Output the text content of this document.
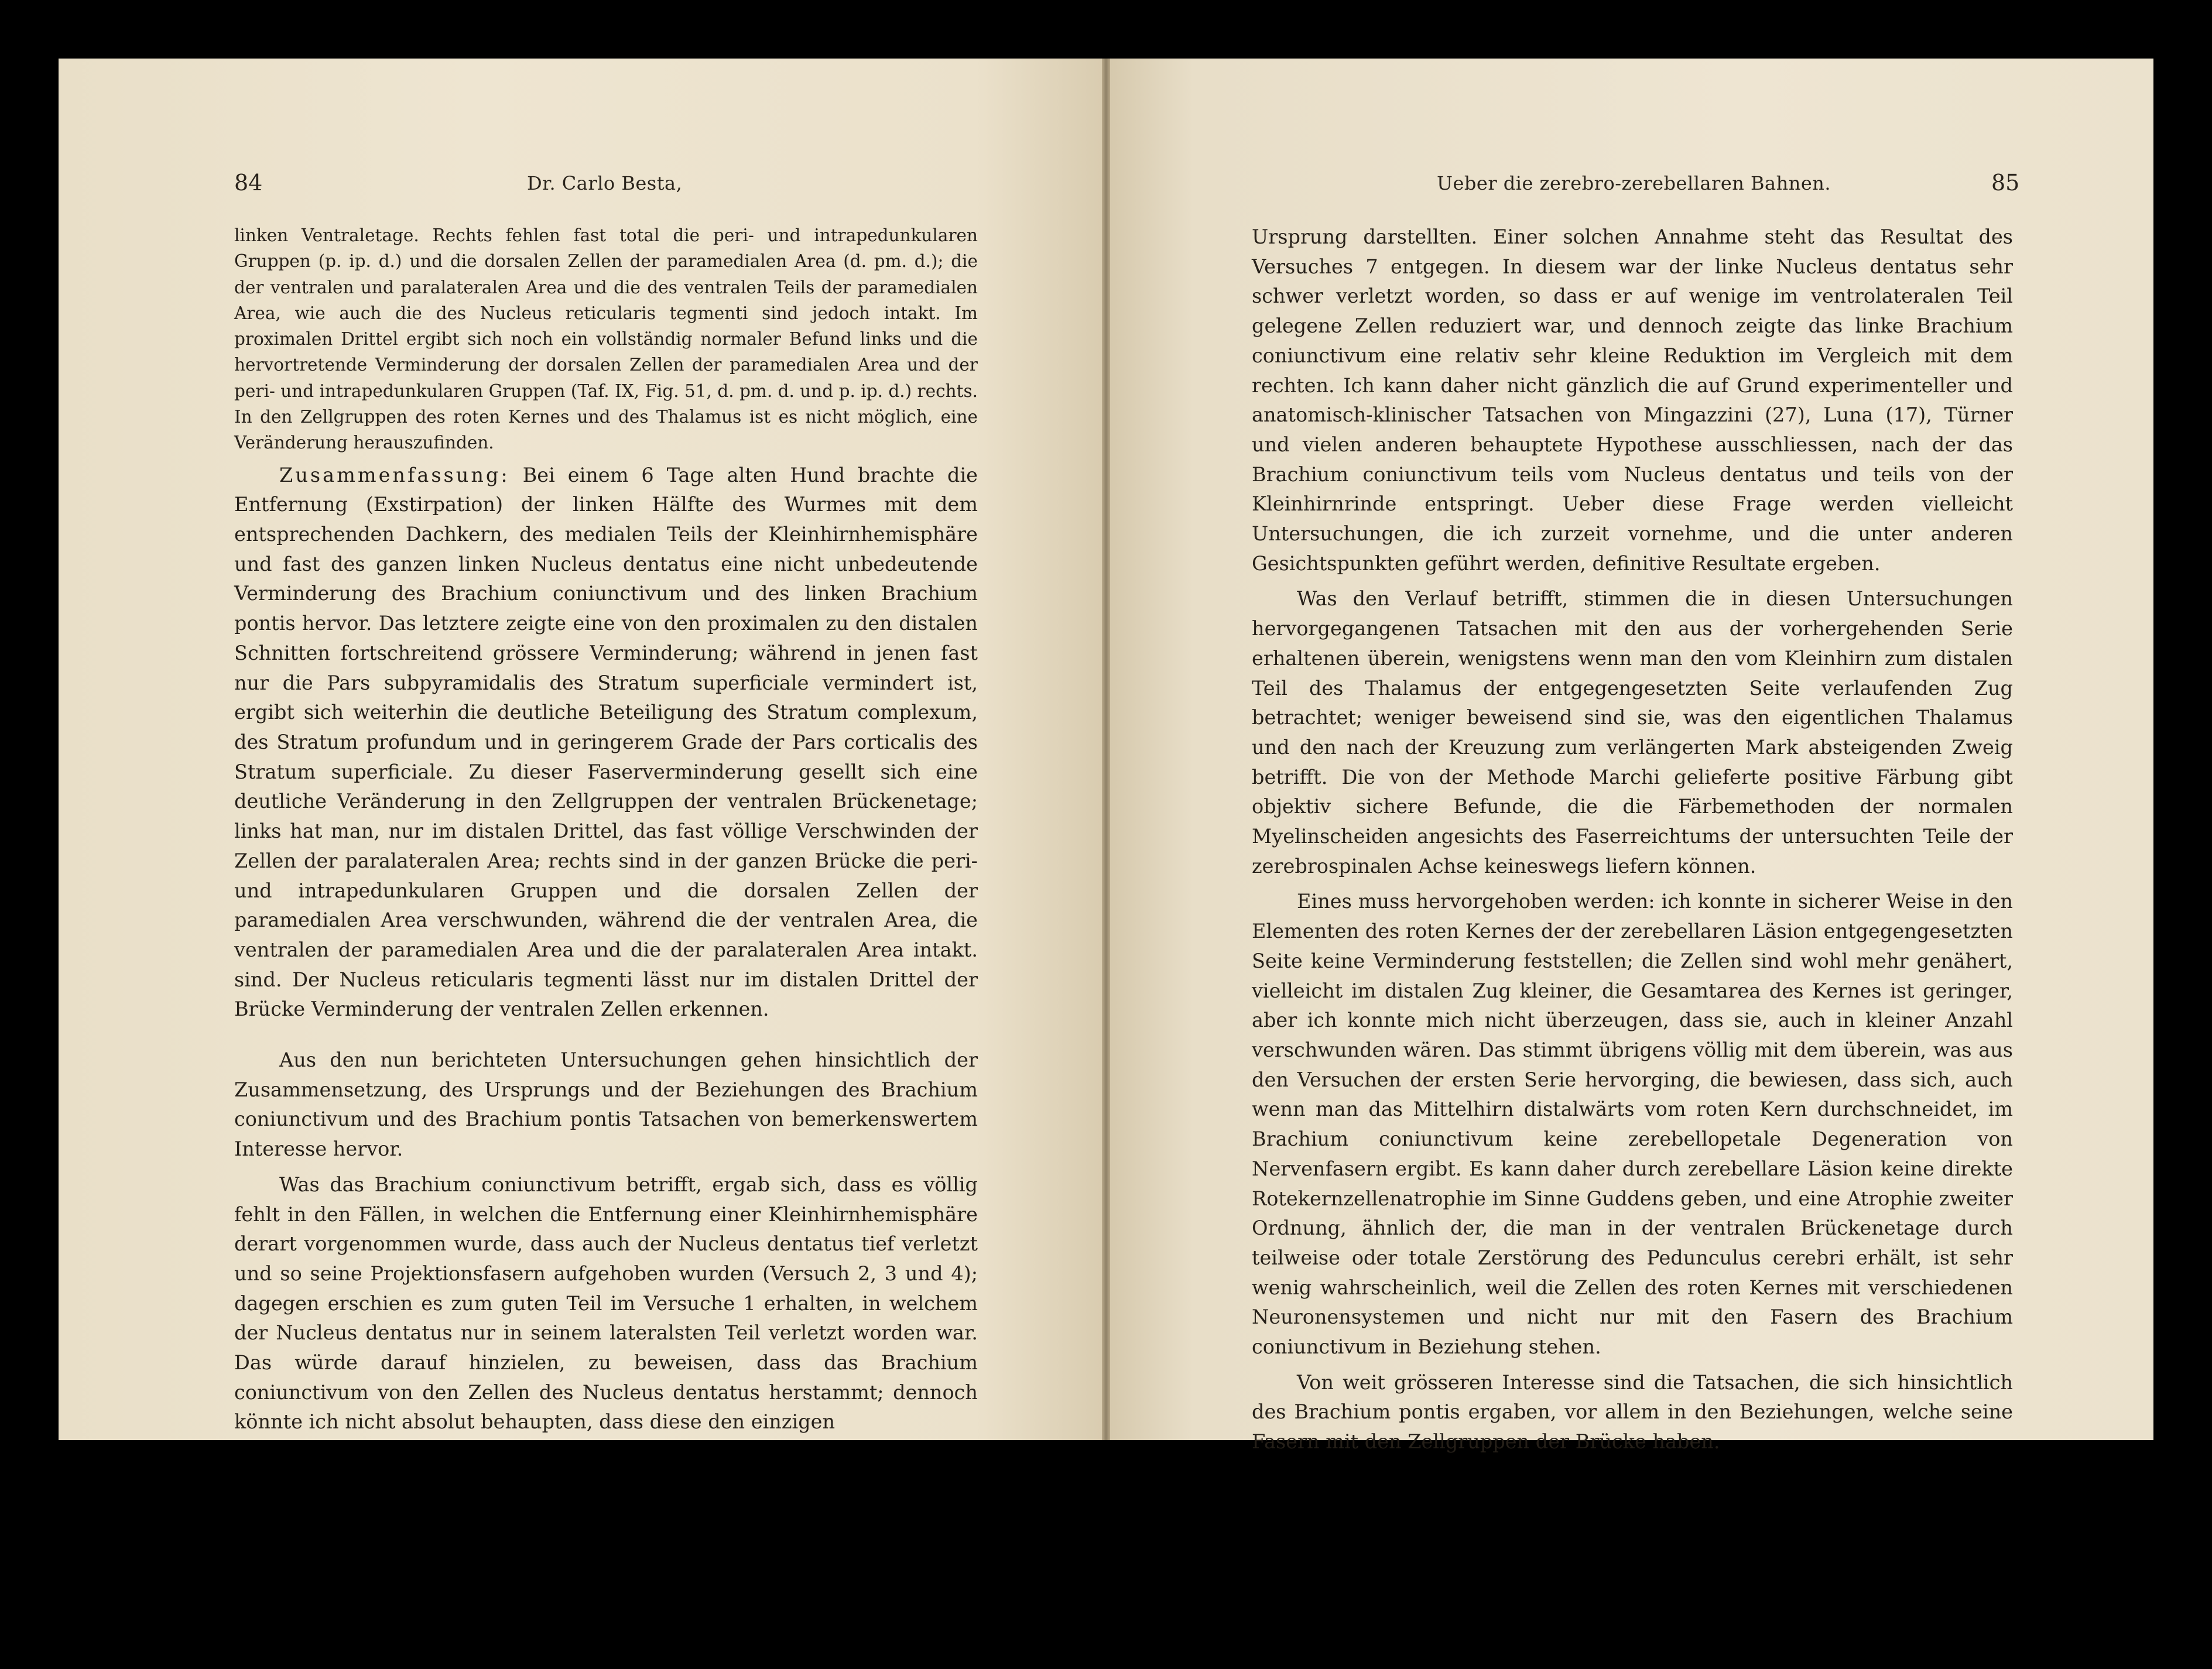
84	Dr. Carlo Besta,

linken Ventraletage. Rechts fehlen fast total die peri- und intrapedunkularen Gruppen (p. ip. d.) und die dorsalen Zellen der paramedialen Area (d. pm. d.); die der ventralen und paralateralen Area und die des ventralen Teils der paramedialen Area, wie auch die des Nucleus reticularis tegmenti sind jedoch intakt. Im proximalen Drittel ergibt sich noch ein vollständig normaler Befund links und die hervortretende Verminderung der dorsalen Zellen der paramedialen Area und der peri- und intrapedunkularen Gruppen (Taf. IX, Fig. 51, d. pm. d. und p. ip. d.) rechts. In den Zellgruppen des roten Kernes und des Thalamus ist es nicht möglich, eine Veränderung herauszufinden.

Zusammenfassung: Bei einem 6 Tage alten Hund brachte die Entfernung (Exstirpation) der linken Hälfte des Wurmes mit dem entsprechenden Dachkern, des medialen Teils der Kleinhirnhemisphäre und fast des ganzen linken Nucleus dentatus eine nicht unbedeutende Verminderung des Brachium coniunctivum und des linken Brachium pontis hervor. Das letztere zeigte eine von den proximalen zu den distalen Schnitten fortschreitend grössere Verminderung; während in jenen fast nur die Pars subpyramidalis des Stratum superficiale vermindert ist, ergibt sich weiterhin die deutliche Beteiligung des Stratum complexum, des Stratum profundum und in geringerem Grade der Pars corticalis des Stratum superficiale. Zu dieser Faserverminderung gesellt sich eine deutliche Veränderung in den Zellgruppen der ventralen Brückenetage; links hat man, nur im distalen Drittel, das fast völlige Verschwinden der Zellen der paralateralen Area; rechts sind in der ganzen Brücke die peri- und intrapedunkularen Gruppen und die dorsalen Zellen der paramedialen Area verschwunden, während die der ventralen Area, die ventralen der paramedialen Area und die der paralateralen Area intakt. sind. Der Nucleus reticularis tegmenti lässt nur im distalen Drittel der Brücke Verminderung der ventralen Zellen erkennen.

Aus den nun berichteten Untersuchungen gehen hinsichtlich der Zusammensetzung, des Ursprungs und der Beziehungen des Brachium coniunctivum und des Brachium pontis Tatsachen von bemerkenswertem Interesse hervor.

Was das Brachium coniunctivum betrifft, ergab sich, dass es völlig fehlt in den Fällen, in welchen die Entfernung einer Kleinhirnhemisphäre derart vorgenommen wurde, dass auch der Nucleus dentatus tief verletzt und so seine Projektionsfasern aufgehoben wurden (Versuch 2, 3 und 4); dagegen erschien es zum guten Teil im Versuche 1 erhalten, in welchem der Nucleus dentatus nur in seinem lateralsten Teil verletzt worden war. Das würde darauf hinzielen, zu beweisen, dass das Brachium coniunctivum von den Zellen des Nucleus dentatus herstammt; dennoch könnte ich nicht absolut behaupten, dass diese den einzigen

Ueber die zerebro-zerebellaren Bahnen.	85

Ursprung darstellten. Einer solchen Annahme steht das Resultat des Versuches 7 entgegen. In diesem war der linke Nucleus dentatus sehr schwer verletzt worden, so dass er auf wenige im ventrolateralen Teil gelegene Zellen reduziert war, und dennoch zeigte das linke Brachium coniunctivum eine relativ sehr kleine Reduktion im Vergleich mit dem rechten. Ich kann daher nicht gänzlich die auf Grund experimenteller und anatomisch-klinischer Tatsachen von Mingazzini (27), Luna (17), Türner und vielen anderen behauptete Hypothese ausschliessen, nach der das Brachium coniunctivum teils vom Nucleus dentatus und teils von der Kleinhirnrinde entspringt. Ueber diese Frage werden vielleicht Untersuchungen, die ich zurzeit vornehme, und die unter anderen Gesichtspunkten geführt werden, definitive Resultate ergeben.

Was den Verlauf betrifft, stimmen die in diesen Untersuchungen hervorgegangenen Tatsachen mit den aus der vorhergehenden Serie erhaltenen überein, wenigstens wenn man den vom Kleinhirn zum distalen Teil des Thalamus der entgegengesetzten Seite verlaufenden Zug betrachtet; weniger beweisend sind sie, was den eigentlichen Thalamus und den nach der Kreuzung zum verlängerten Mark absteigenden Zweig betrifft. Die von der Methode Marchi gelieferte positive Färbung gibt objektiv sichere Befunde, die die Färbemethoden der normalen Myelinscheiden angesichts des Faserreichtums der untersuchten Teile der zerebrospinalen Achse keineswegs liefern können.

Eines muss hervorgehoben werden: ich konnte in sicherer Weise in den Elementen des roten Kernes der der zerebellaren Läsion entgegengesetzten Seite keine Verminderung feststellen; die Zellen sind wohl mehr genähert, vielleicht im distalen Zug kleiner, die Gesamtarea des Kernes ist geringer, aber ich konnte mich nicht überzeugen, dass sie, auch in kleiner Anzahl verschwunden wären. Das stimmt übrigens völlig mit dem überein, was aus den Versuchen der ersten Serie hervorging, die bewiesen, dass sich, auch wenn man das Mittelhirn distalwärts vom roten Kern durchschneidet, im Brachium coniunctivum keine zerebellopetale Degeneration von Nervenfasern ergibt. Es kann daher durch zerebellare Läsion keine direkte Rotekernzellenatrophie im Sinne Guddens geben, und eine Atrophie zweiter Ordnung, ähnlich der, die man in der ventralen Brückenetage durch teilweise oder totale Zerstörung des Pedunculus cerebri erhält, ist sehr wenig wahrscheinlich, weil die Zellen des roten Kernes mit verschiedenen Neuronensystemen und nicht nur mit den Fasern des Brachium coniunctivum in Beziehung stehen.

Von weit grösseren Interesse sind die Tatsachen, die sich hinsichtlich des Brachium pontis ergaben, vor allem in den Beziehungen, welche seine Fasern mit den Zellgruppen der Brücke haben.
